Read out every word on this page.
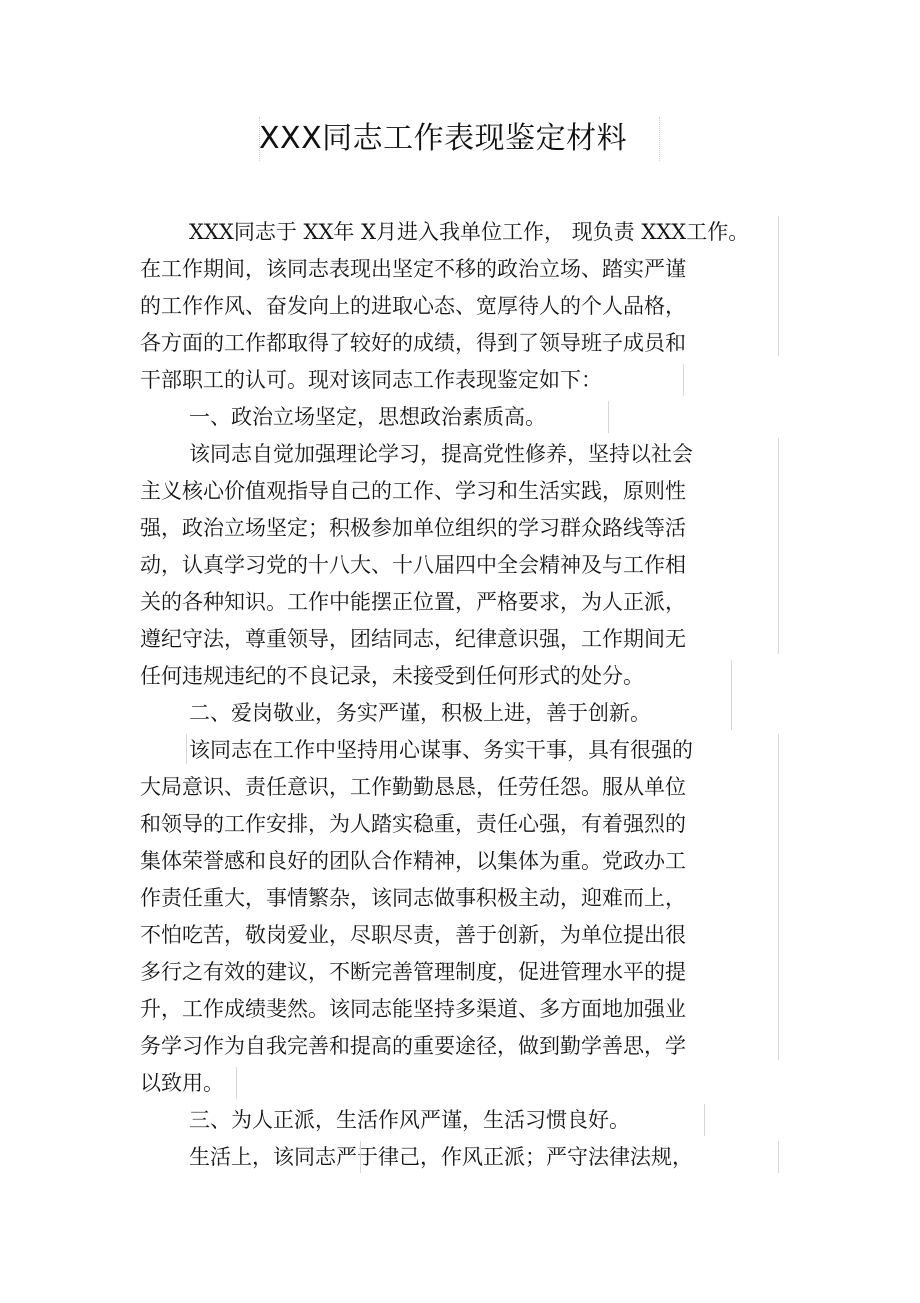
XXX同志工作表现鉴定材料
XXX同志于 XX年 X月进入我单位工作， 现负责 XXX工作。
在工作期间，该同志表现出坚定不移的政治立场、踏实严谨
的工作作风、奋发向上的进取心态、宽厚待人的个人品格，
各方面的工作都取得了较好的成绩，得到了领导班子成员和
干部职工的认可。现对该同志工作表现鉴定如下：
一、政治立场坚定，思想政治素质高。
该同志自觉加强理论学习，提高党性修养，坚持以社会
主义核心价值观指导自己的工作、学习和生活实践，原则性
强，政治立场坚定；积极参加单位组织的学习群众路线等活
动，认真学习党的十八大、十八届四中全会精神及与工作相
关的各种知识。工作中能摆正位置，严格要求，为人正派，
遵纪守法，尊重领导，团结同志，纪律意识强，工作期间无
任何违规违纪的不良记录，未接受到任何形式的处分。
二、爱岗敬业，务实严谨，积极上进，善于创新。
该同志在工作中坚持用心谋事、务实干事，具有很强的
大局意识、责任意识，工作勤勤恳恳，任劳任怨。服从单位
和领导的工作安排，为人踏实稳重，责任心强，有着强烈的
集体荣誉感和良好的团队合作精神，以集体为重。党政办工
作责任重大，事情繁杂，该同志做事积极主动，迎难而上，
不怕吃苦，敬岗爱业，尽职尽责，善于创新，为单位提出很
多行之有效的建议，不断完善管理制度，促进管理水平的提
升，工作成绩斐然。该同志能坚持多渠道、多方面地加强业
务学习作为自我完善和提高的重要途径，做到勤学善思，学
以致用。
三、为人正派，生活作风严谨，生活习惯良好。
生活上，该同志严于律己，作风正派；严守法律法规，
